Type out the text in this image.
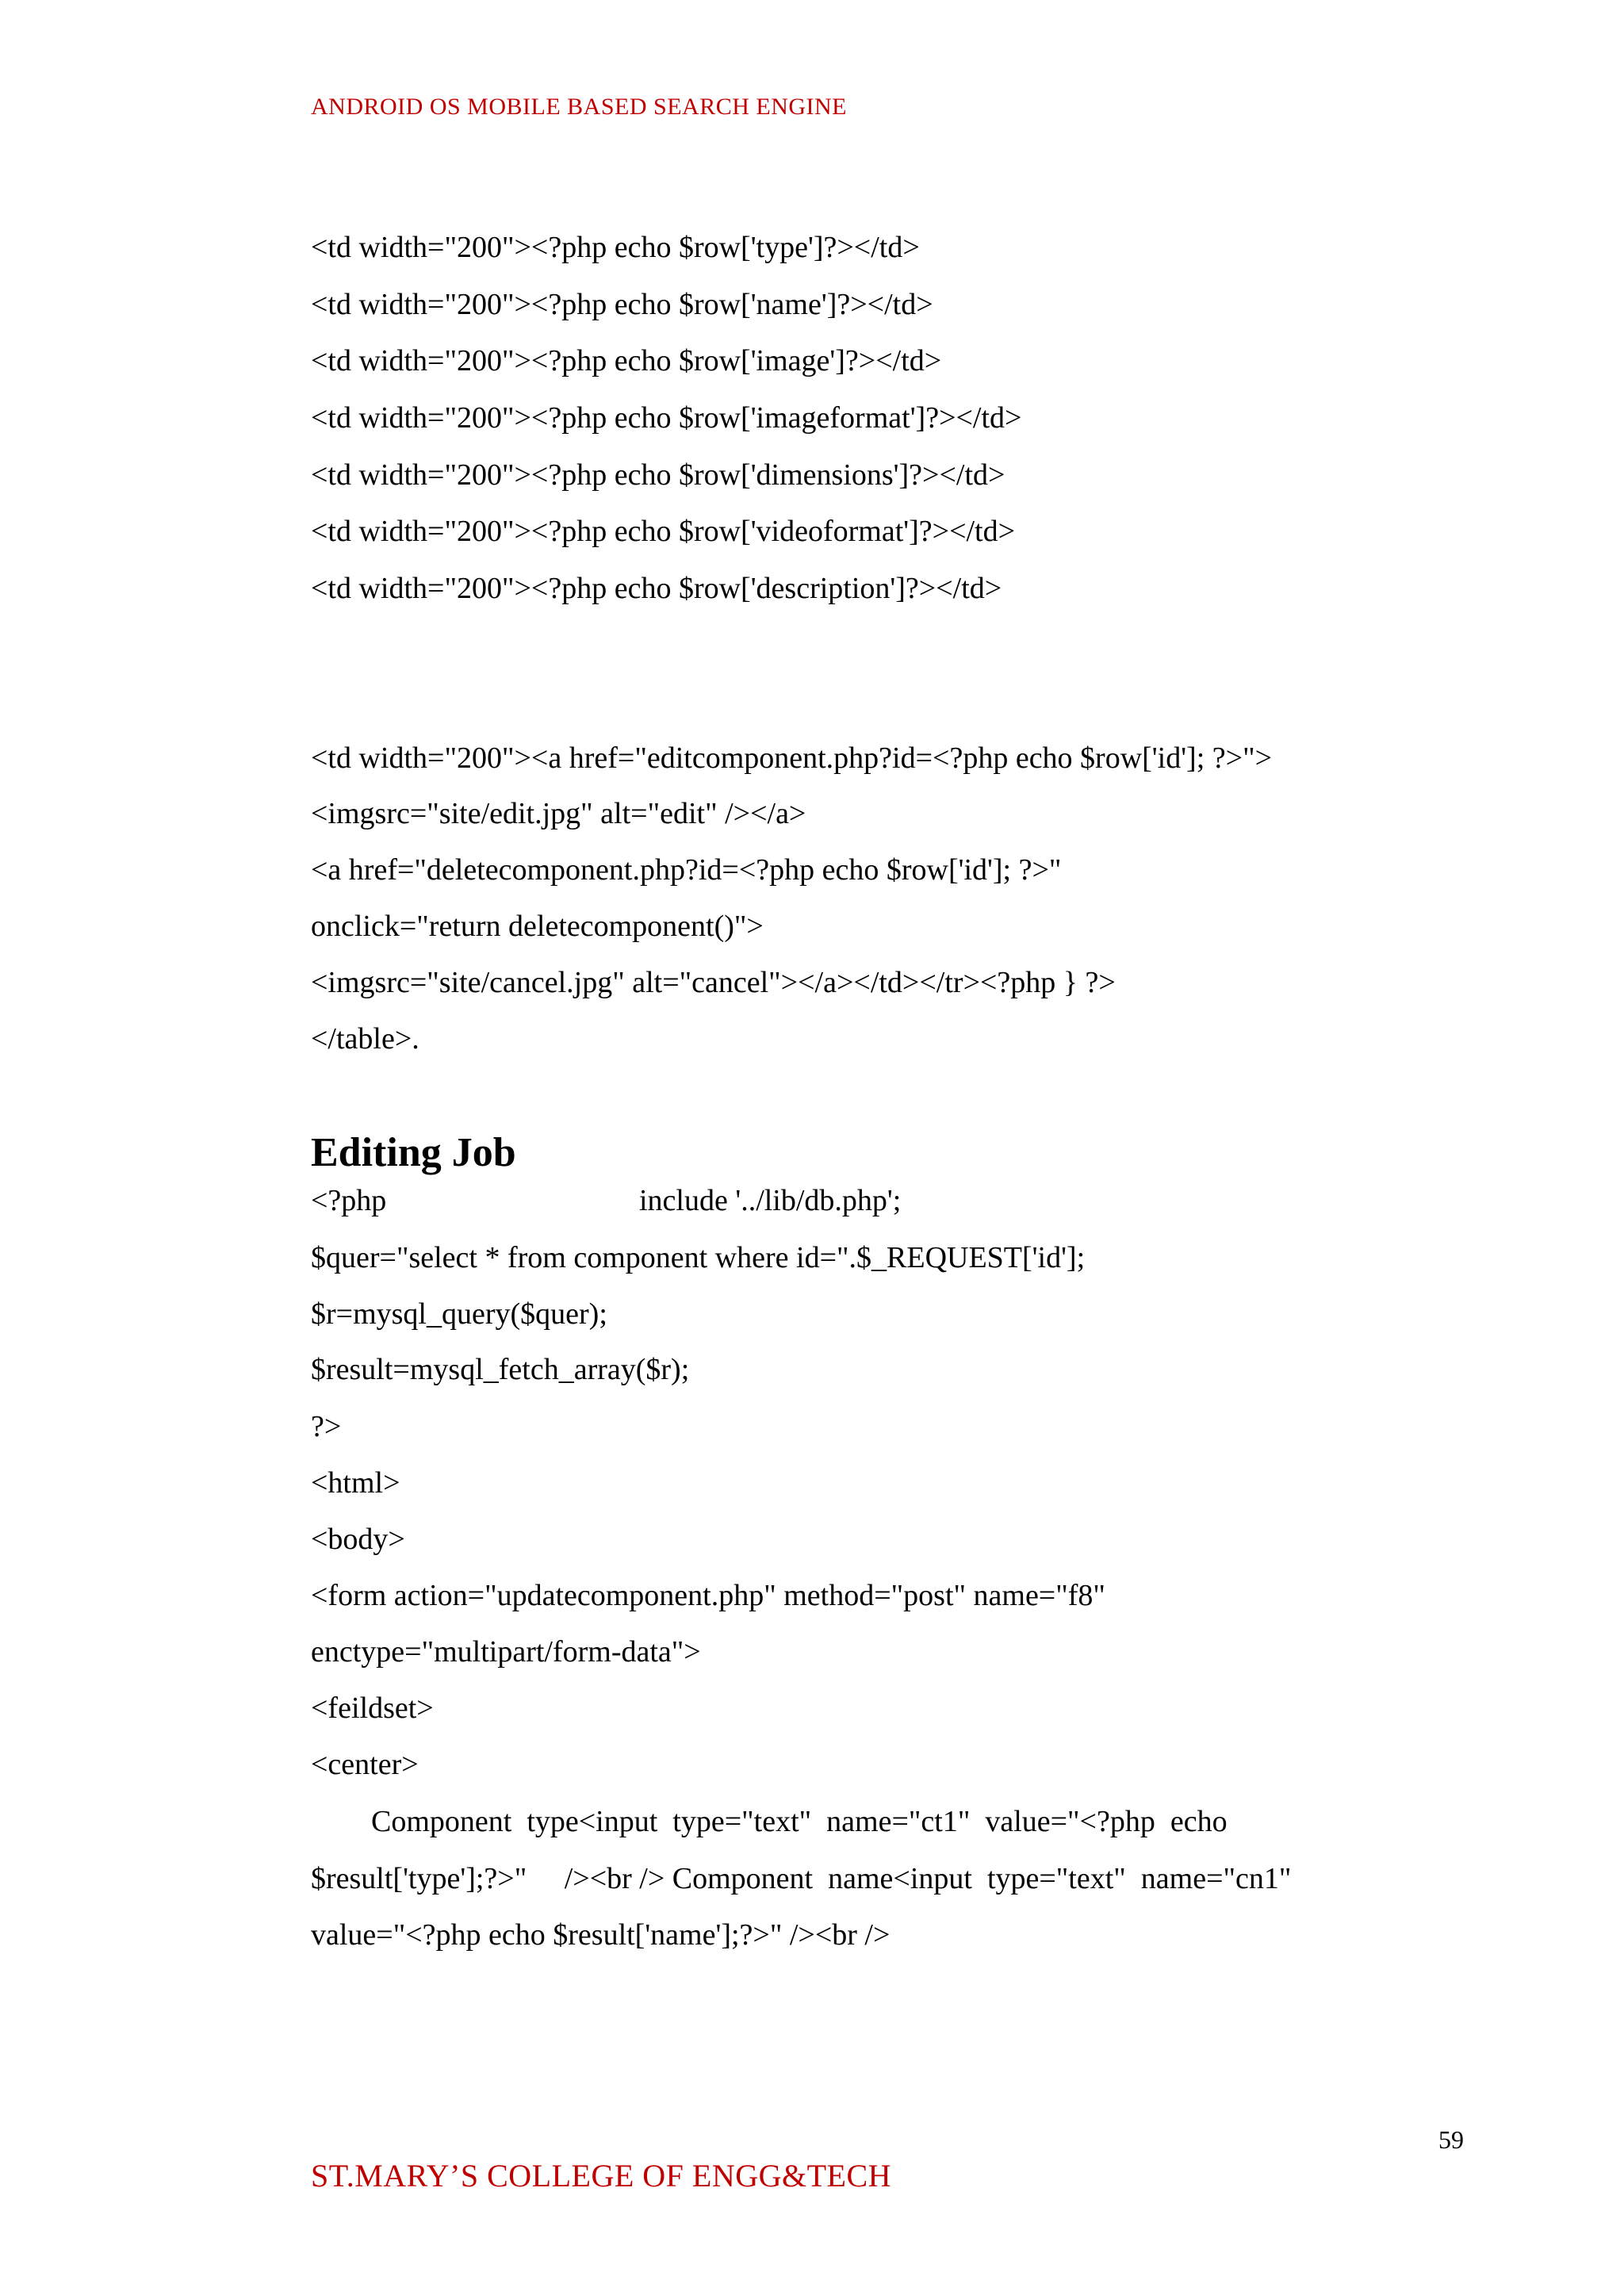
ANDROID OS MOBILE BASED SEARCH ENGINE
<td width="200"><?php echo $row['type']?></td>
<td width="200"><?php echo $row['name']?></td>
<td width="200"><?php echo $row['image']?></td>
<td width="200"><?php echo $row['imageformat']?></td>
<td width="200"><?php echo $row['dimensions']?></td>
<td width="200"><?php echo $row['videoformat']?></td>
<td width="200"><?php echo $row['description']?></td>
<td width="200"><a href="editcomponent.php?id=<?php echo $row['id']; ?>">
<imgsrc="site/edit.jpg" alt="edit" /></a>
<a href="deletecomponent.php?id=<?php echo $row['id']; ?>"
onclick="return deletecomponent()">
<imgsrc="site/cancel.jpg" alt="cancel"></a></td></tr><?php } ?>
</table>.
Editing Job
<?php	include '../lib/db.php';
$quer="select * from component where id=".$_REQUEST['id'];
$r=mysql_query($quer);
$result=mysql_fetch_array($r);
?>
<html>
<body>
<form action="updatecomponent.php" method="post" name="f8"
enctype="multipart/form-data">
<feildset>
<center>
Component  type<input  type="text"  name="ct1"  value="<?php  echo
$result['type'];?>"     /><br /> Component  name<input  type="text"  name="cn1"
value="<?php echo $result['name'];?>" /><br />
59
ST.MARY’S COLLEGE OF ENGG&TECH
